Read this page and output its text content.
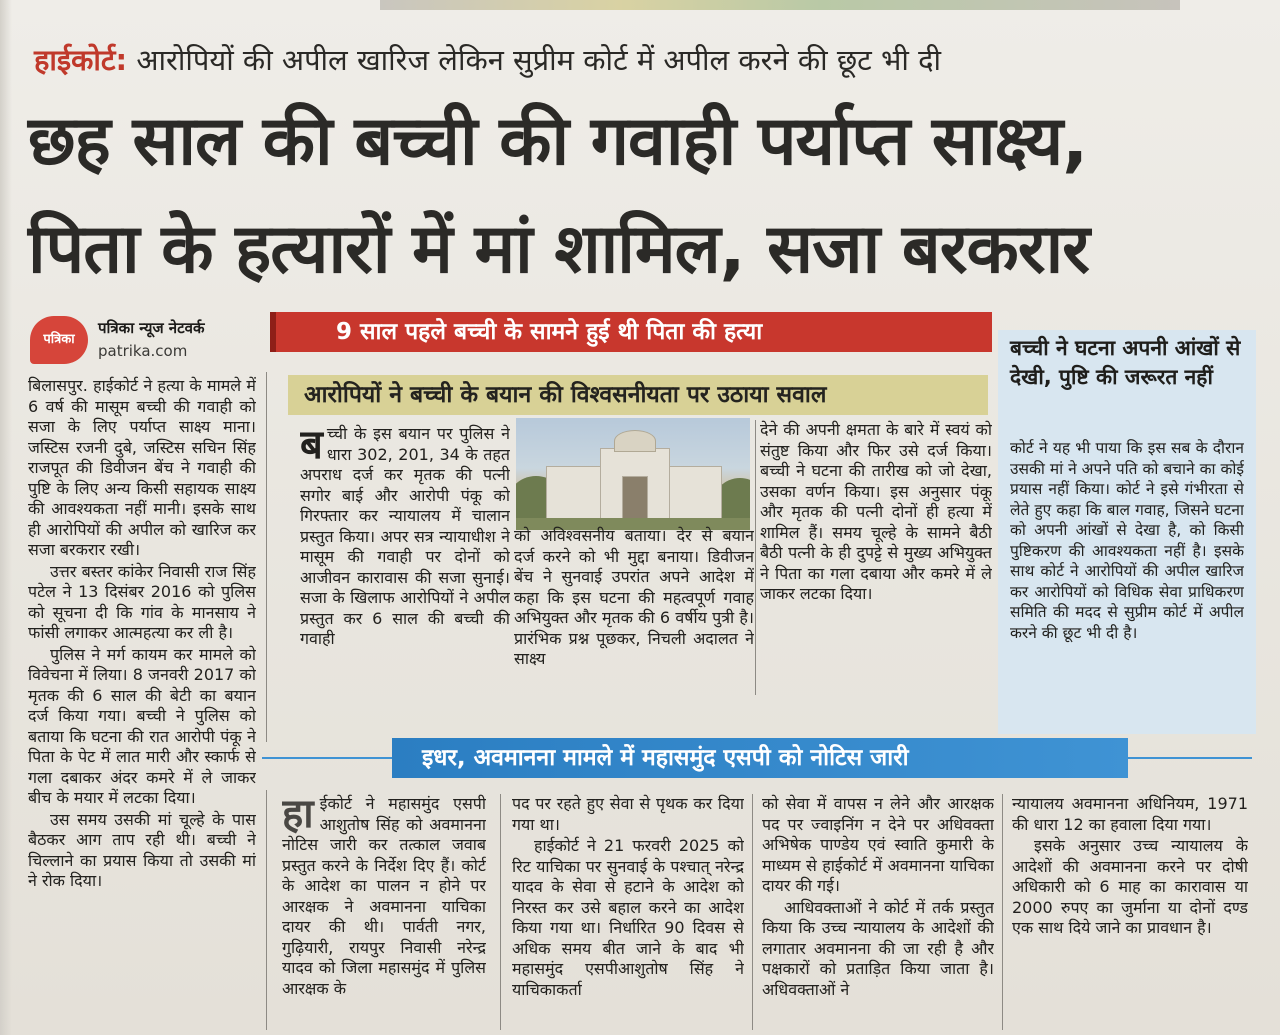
हाईकोर्ट: आरोपियों की अपील खारिज लेकिन सुप्रीम कोर्ट में अपील करने की छूट भी दी
छह साल की बच्ची की गवाही पर्याप्त साक्ष्य,
पिता के हत्यारों में मां शामिल, सजा बरकरार
पत्रिका
पत्रिका न्यूज नेटवर्क
patrika.com
9 साल पहले बच्ची के सामने हुई थी पिता की हत्या

बिलासपुर. हाईकोर्ट ने हत्या के मामले में 6 वर्ष की मासूम बच्ची की गवाही को सजा के लिए पर्याप्त साक्ष्य माना। जस्टिस रजनी दुबे, जस्टिस सचिन सिंह राजपूत की डिवीजन बेंच ने गवाही की पुष्टि के लिए अन्य किसी सहायक साक्ष्य की आवश्यकता नहीं मानी। इसके साथ ही आरोपियों की अपील को खारिज कर सजा बरकरार रखी।

उत्तर बस्तर कांकेर निवासी राज सिंह पटेल ने 13 दिसंबर 2016 को पुलिस को सूचना दी कि गांव के मानसाय ने फांसी लगाकर आत्महत्या कर ली है।

पुलिस ने मर्ग कायम कर मामले को विवेचना में लिया। 8 जनवरी 2017 को मृतक की 6 साल की बेटी का बयान दर्ज किया गया। बच्ची ने पुलिस को बताया कि घटना की रात आरोपी पंकू ने पिता के पेट में लात मारी और स्कार्फ से गला दबाकर अंदर कमरे में ले जाकर बीच के मयार में लटका दिया।

उस समय उसकी मां चूल्हे के पास बैठकर आग ताप रही थी। बच्ची ने चिल्लाने का प्रयास किया तो उसकी मां ने रोक दिया।

आरोपियों ने बच्ची के बयान की विश्वसनीयता पर उठाया सवाल
ब च्ची के इस बयान पर पुलिस ने धारा 302, 201, 34 के तहत अपराध दर्ज कर मृतक की पत्नी सगोर बाई और आरोपी पंकू को गिरफ्तार कर न्यायालय में चालान प्रस्तुत किया। अपर सत्र न्यायाधीश ने मासूम की गवाही पर दोनों को आजीवन कारावास की सजा सुनाई। सजा के खिलाफ आरोपियों ने अपील प्रस्तुत कर 6 साल की बच्ची की गवाही

को अविश्वसनीय बताया। देर से बयान दर्ज करने को भी मुद्दा बनाया। डिवीजन बेंच ने सुनवाई उपरांत अपने आदेश में कहा कि इस घटना की महत्वपूर्ण गवाह अभियुक्त और मृतक की 6 वर्षीय पुत्री है। प्रारंभिक प्रश्न पूछकर, निचली अदालत ने साक्ष्य

देने की अपनी क्षमता के बारे में स्वयं को संतुष्ट किया और फिर उसे दर्ज किया। बच्ची ने घटना की तारीख को जो देखा, उसका वर्णन किया। इस अनुसार पंकू और मृतक की पत्नी दोनों ही हत्या में शामिल हैं। समय चूल्हे के सामने बैठी बैठी पत्नी के ही दुपट्टे से मुख्य अभियुक्त ने पिता का गला दबाया और कमरे में ले जाकर लटका दिया।

बच्ची ने घटना अपनी आंखों से देखी, पुष्टि की जरूरत नहीं

कोर्ट ने यह भी पाया कि इस सब के दौरान उसकी मां ने अपने पति को बचाने का कोई प्रयास नहीं किया। कोर्ट ने इसे गंभीरता से लेते हुए कहा कि बाल गवाह, जिसने घटना को अपनी आंखों से देखा है, को किसी पुष्टिकरण की आवश्यकता नहीं है। इसके साथ कोर्ट ने आरोपियों की अपील खारिज कर आरोपियों को विधिक सेवा प्राधिकरण समिति की मदद से सुप्रीम कोर्ट में अपील करने की छूट भी दी है।

इधर, अवमानना मामले में महासमुंद एसपी को नोटिस जारी
हा ईकोर्ट ने महासमुंद एसपी आशुतोष सिंह को अवमानना नोटिस जारी कर तत्काल जवाब प्रस्तुत करने के निर्देश दिए हैं। कोर्ट के आदेश का पालन न होने पर आरक्षक ने अवमानना याचिका दायर की थी। पार्वती नगर, गुढ़ियारी, रायपुर निवासी नरेन्द्र यादव को जिला महासमुंद में पुलिस आरक्षक के

पद पर रहते हुए सेवा से पृथक कर दिया गया था।

हाईकोर्ट ने 21 फरवरी 2025 को रिट याचिका पर सुनवाई के पश्चात् नरेन्द्र यादव के सेवा से हटाने के आदेश को निरस्त कर उसे बहाल करने का आदेश किया गया था। निर्धारित 90 दिवस से अधिक समय बीत जाने के बाद भी महासमुंद एसपीआशुतोष सिंह ने याचिकाकर्ता

को सेवा में वापस न लेने और आरक्षक पद पर ज्वाइनिंग न देने पर अधिवक्ता अभिषेक पाण्डेय एवं स्वाति कुमारी के माध्यम से हाईकोर्ट में अवमानना याचिका दायर की गई।

आधिवक्ताओं ने कोर्ट में तर्क प्रस्तुत किया कि उच्च न्यायालय के आदेशों की लगातार अवमानना की जा रही है और पक्षकारों को प्रताड़ित किया जाता है। अधिवक्ताओं ने

न्यायालय अवमानना अधिनियम, 1971 की धारा 12 का हवाला दिया गया।

इसके अनुसार उच्च न्यायालय के आदेशों की अवमानना करने पर दोषी अधिकारी को 6 माह का कारावास या 2000 रुपए का जुर्माना या दोनों दण्ड एक साथ दिये जाने का प्रावधान है।
